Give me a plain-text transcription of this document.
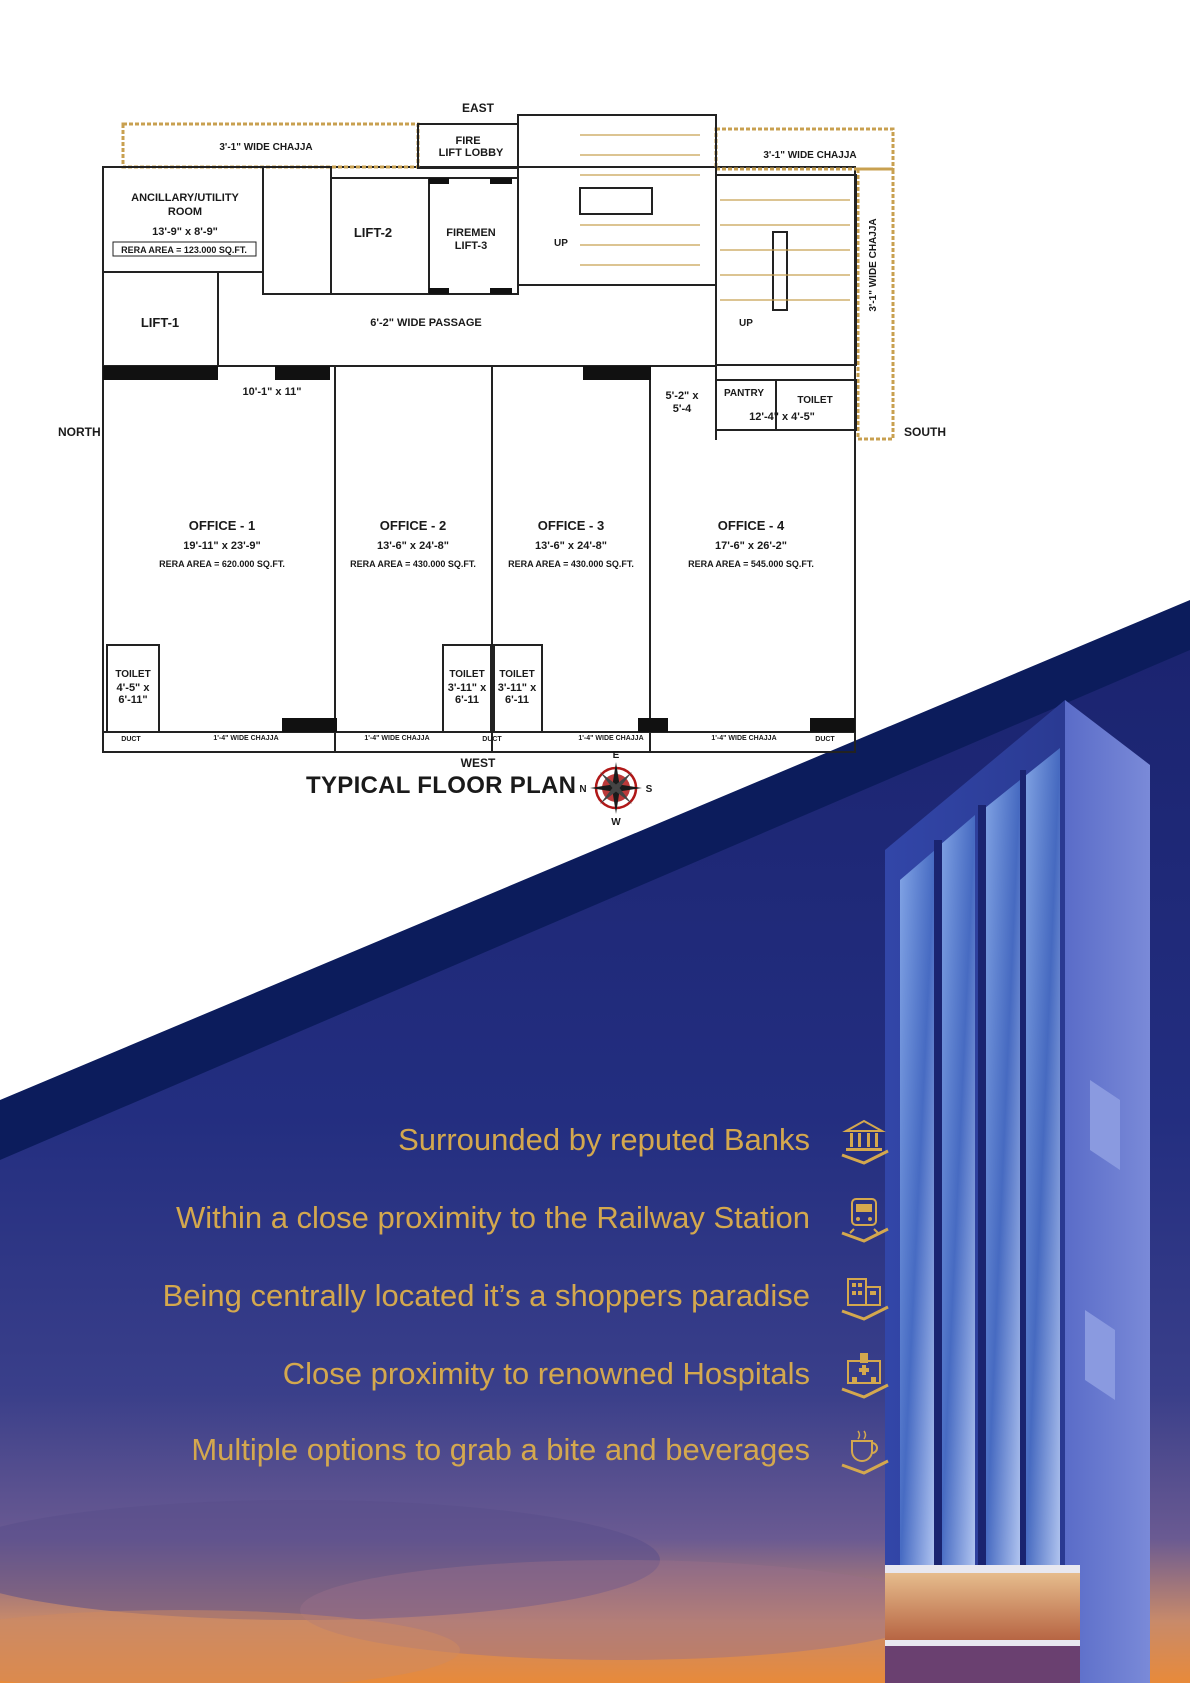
EAST
WEST
NORTH	SOUTH
3'-1" WIDE CHAJJA
3'-1" WIDE CHAJJA
3'-1" WIDE CHAJJA
FIRE
LIFT LOBBY
ANCILLARY/UTILITY
ROOM
13'-9" x 8'-9"
RERA AREA = 123.000 SQ.FT.
LIFT-2	FIREMEN
LIFT-3
LIFT-1	6'-2" WIDE PASSAGE
UP
UP
10'-1" x 11"	5'-2" x
5'-4
PANTRY
TOILET
12'-4" x 4'-5"
OFFICE - 1
19'-11" x 23'-9"
RERA AREA = 620.000 SQ.FT.
OFFICE - 2
13'-6" x 24'-8"
RERA AREA = 430.000 SQ.FT.
OFFICE - 3
13'-6" x 24'-8"
RERA AREA = 430.000 SQ.FT.
OFFICE - 4
17'-6" x 26'-2"
RERA AREA = 545.000 SQ.FT.
TOILET
4'-5" x
6'-11"
TOILET
3'-11" x
6'-11
TOILET
3'-11" x
6'-11
DUCT	DUCT	DUCT
1'-4" WIDE CHAJJA	1'-4" WIDE CHAJJA	1'-4" WIDE CHAJJA	1'-4" WIDE CHAJJA
E
W
N	S
TYPICAL FLOOR PLAN
Surrounded by reputed Banks
Within a close proximity to the Railway Station
Being centrally located it’s a shoppers paradise
Close proximity to renowned Hospitals
Multiple options to grab a bite and beverages
